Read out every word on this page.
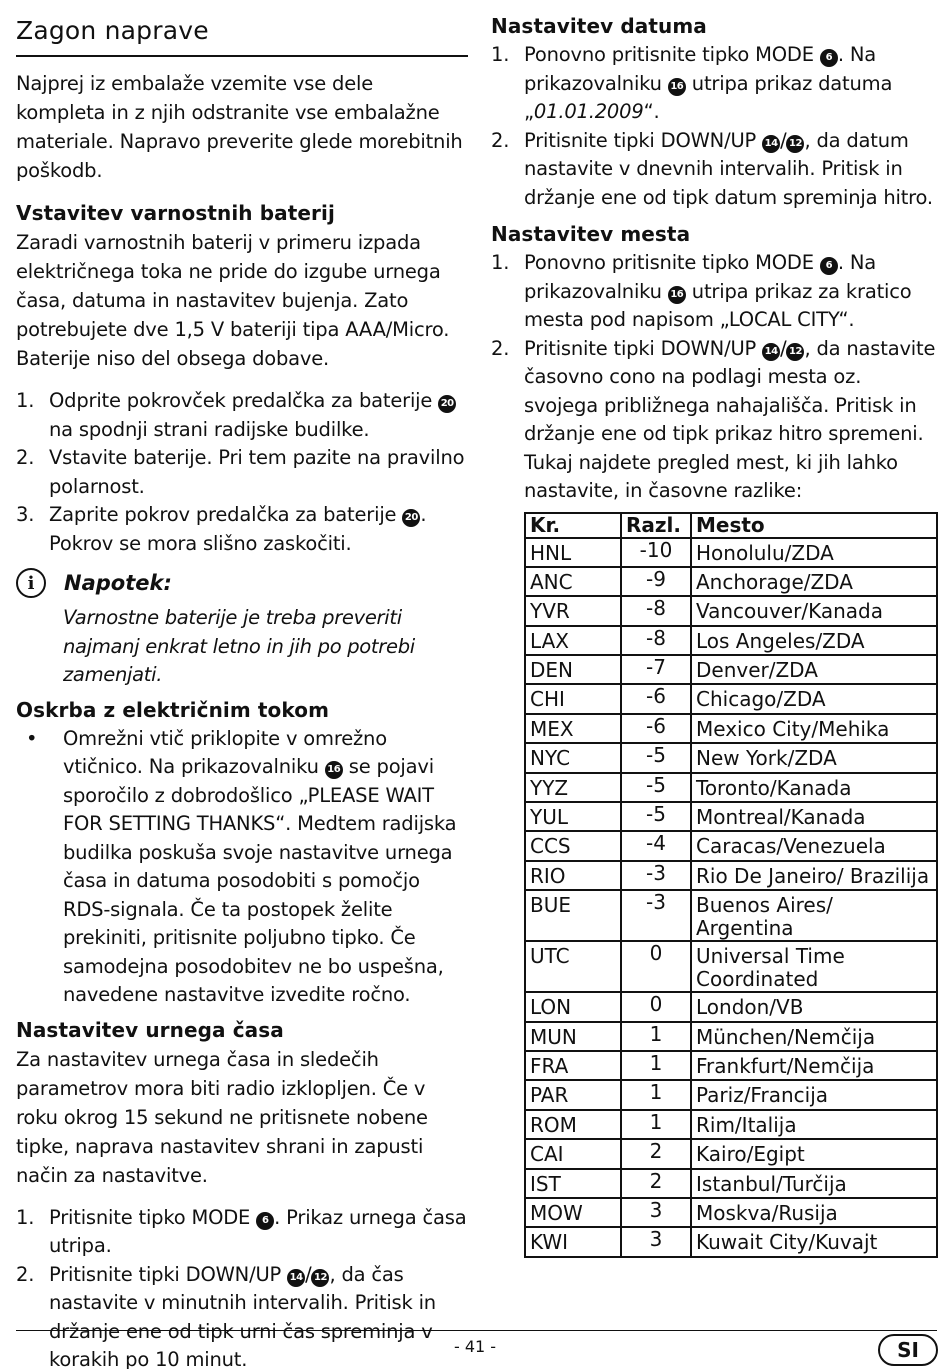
Zagon naprave

Najprej iz embalaže vzemite vse dele kompleta in z njih odstranite vse embalažne materiale. Napravo preverite glede morebitnih poškodb.

Vstavitev varnostnih baterij

Zaradi varnostnih baterij v primeru izpada električnega toka ne pride do izgube urnega časa, datuma in nastavitev bujenja. Zato potrebujete dve 1,5 V bateriji tipa AAA/Micro. Baterije niso del obsega dobave.

1. Odprite pokrovček predalčka za baterije 20 na spodnji strani radijske budilke.
2. Vstavite baterije. Pri tem pazite na pravilno polarnost.
3. Zaprite pokrov predalčka za baterije 20 . Pokrov se mora slišno zaskočiti.
i	Napotek:
Varnostne baterije je treba preveriti najmanj enkrat letno in jih po potrebi zamenjati.
Oskrba z električnim tokom
•	Omrežni vtič priklopite v omrežno vtičnico. Na prikazovalniku 16 se pojavi sporočilo z dobrodošlico „PLEASE WAIT FOR SETTING THANKS“. Medtem radijska budilka poskuša svoje nastavitve urnega časa in datuma posodobiti s pomočjo RDS-signala. Če ta postopek želite prekiniti, pritisnite poljubno tipko. Če samodejna posodobitev ne bo uspešna, navedene nastavitve izvedite ročno.
Nastavitev urnega časa

Za nastavitev urnega časa in sledečih parametrov mora biti radio izklopljen. Če v roku okrog 15 sekund ne pritisnete nobene tipke, naprava nastavitev shrani in zapusti način za nastavitve.

1. Pritisnite tipko MODE 6 . Prikaz urnega časa utripa.
2. Pritisnite tipki DOWN/UP 14 / 12 , da čas nastavite v minutnih intervalih. Pritisk in držanje ene od tipk urni čas spreminja v korakih po 10 minut.
Nastavitev datuma
1. Ponovno pritisnite tipko MODE 6 . Na prikazovalniku 16 utripa prikaz datuma „01.01.2009“.
2. Pritisnite tipki DOWN/UP 14 / 12 , da datum nastavite v dnevnih intervalih. Pritisk in držanje ene od tipk datum spreminja hitro.
Nastavitev mesta
1. Ponovno pritisnite tipko MODE 6 . Na prikazovalniku 16 utripa prikaz za kratico mesta pod napisom „LOCAL CITY“.
2. Pritisnite tipki DOWN/UP 14 / 12 , da nastavite časovno cono na podlagi mesta oz. svojega približnega nahajališča. Pritisk in držanje ene od tipk prikaz hitro spremeni. Tukaj najdete pregled mest, ki jih lahko nastavite, in časovne razlike:
Kr.	Razl.	Mesto
HNL	-10	Honolulu/ZDA
ANC	-9	Anchorage/ZDA
YVR	-8	Vancouver/Kanada
LAX	-8	Los Angeles/ZDA
DEN	-7	Denver/ZDA
CHI	-6	Chicago/ZDA
MEX	-6	Mexico City/Mehika
NYC	-5	New York/ZDA
YYZ	-5	Toronto/Kanada
YUL	-5	Montreal/Kanada
CCS	-4	Caracas/Venezuela
RIO	-3	Rio De Janeiro/ Brazilija
BUE	-3	Buenos Aires/ Argentina
UTC	0	Universal Time Coordinated
LON	0	London/VB
MUN	1	München/Nemčija
FRA	1	Frankfurt/Nemčija
PAR	1	Pariz/Francija
ROM	1	Rim/Italija
CAI	2	Kairo/Egipt
IST	2	Istanbul/Turčija
MOW	3	Moskva/Rusija
KWI	3	Kuwait City/Kuvajt
- 41 -	SI
